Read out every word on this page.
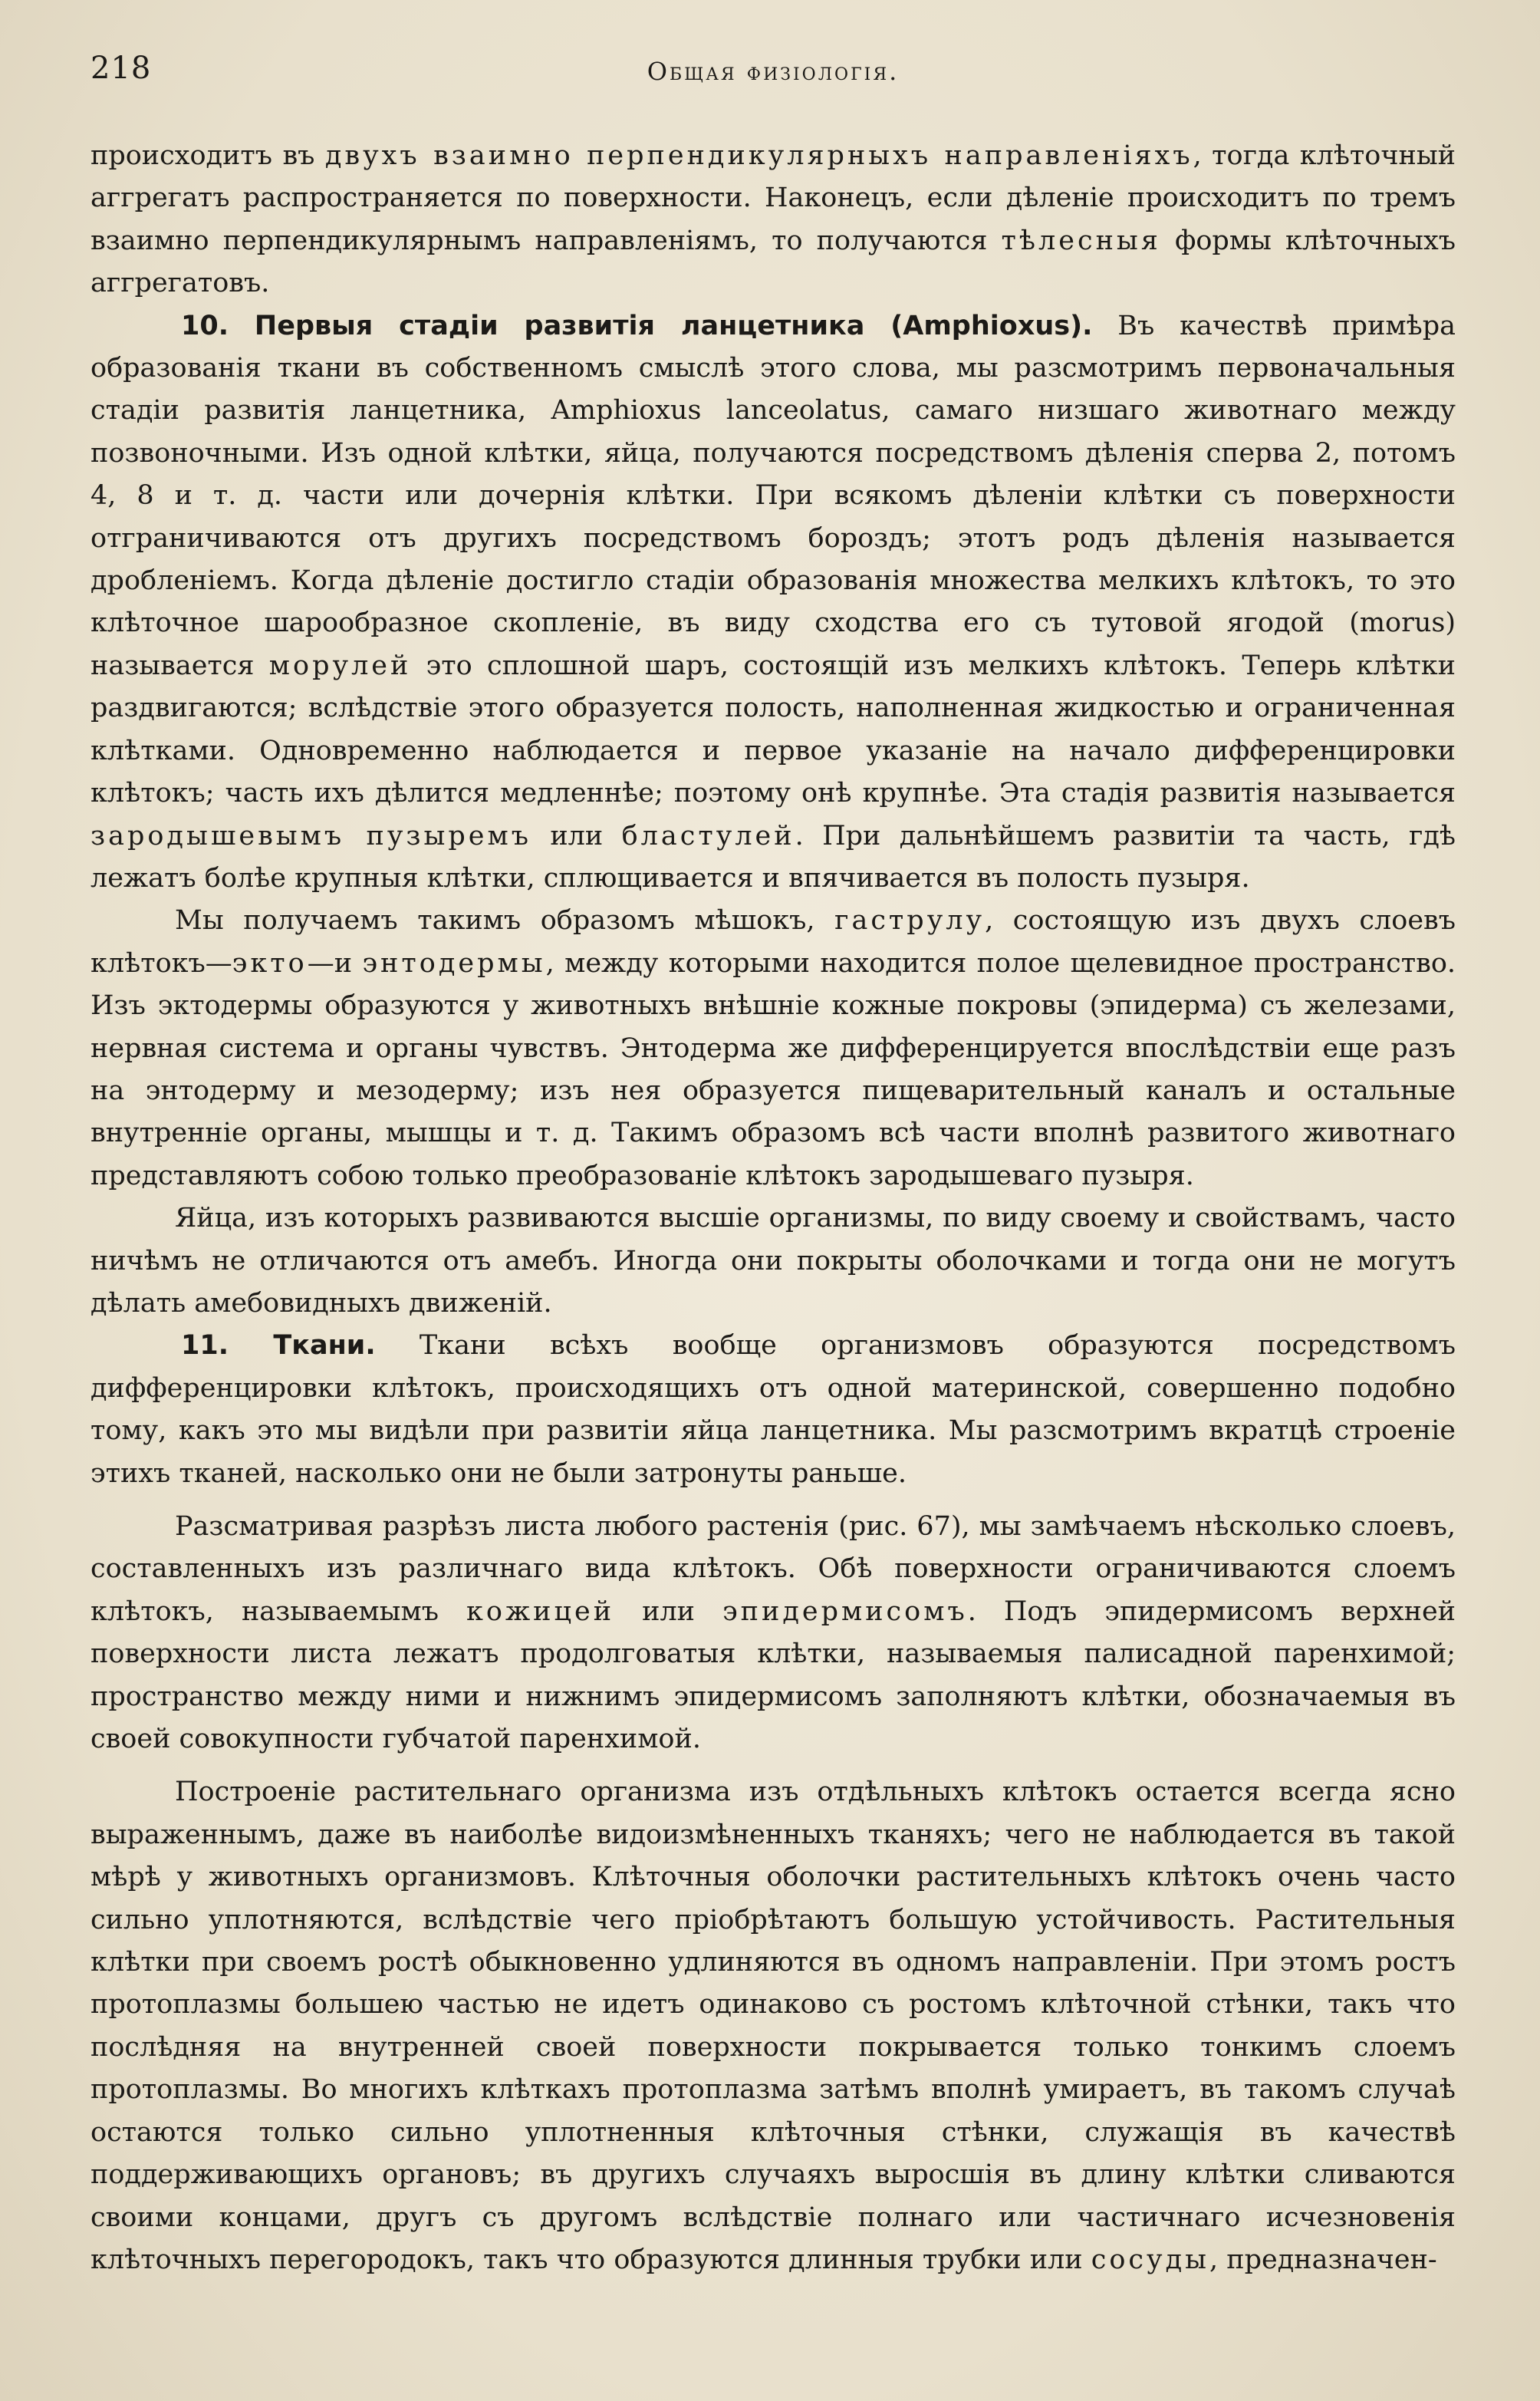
218	Общая физiологiя.

происходитъ въ двухъ взаимно перпендикулярныхъ направленiяхъ, тогда клѣточный аггрегатъ распространяется по поверхности. Наконецъ, если дѣленiе происходитъ по тремъ взаимно перпендикулярнымъ направленiямъ, то получаются тѣлесныя формы клѣточныхъ аггрегатовъ.

10. Первыя стадiи развитiя ланцетника (Amphioxus). Въ качествѣ примѣра образованiя ткани въ собственномъ смыслѣ этого слова, мы разсмотримъ первоначальныя стадiи развитiя ланцетника, Amphioxus lanceolatus, самаго низшаго животнаго между позвоночными. Изъ одной клѣтки, яйца, получаются посредствомъ дѣленiя сперва 2, потомъ 4, 8 и т. д. части или дочернiя клѣтки. При всякомъ дѣленiи клѣтки съ поверхности отграничиваются отъ другихъ посредствомъ бороздъ; этотъ родъ дѣленiя называется дробленiемъ. Когда дѣленiе достигло стадiи образованiя множества мелкихъ клѣтокъ, то это клѣточное шарообразное скопленiе, въ виду сходства его съ тутовой ягодой (morus) называется морулей это сплошной шаръ, состоящiй изъ мелкихъ клѣтокъ. Теперь клѣтки раздвигаются; вслѣдствiе этого образуется полость, наполненная жидкостью и ограниченная клѣтками. Одновременно наблюдается и первое указанiе на начало дифференцировки клѣтокъ; часть ихъ дѣлится медленнѣе; поэтому онѣ крупнѣе. Эта стадiя развитiя называется зародышевымъ пузыремъ или бластулей. При дальнѣйшемъ развитiи та часть, гдѣ лежатъ болѣе крупныя клѣтки, сплющивается и впячивается въ полость пузыря.

Мы получаемъ такимъ образомъ мѣшокъ, гаструлу, состоящую изъ двухъ слоевъ клѣтокъ—экто—и энтодермы, между которыми находится полое щелевидное пространство. Изъ эктодермы образуются у животныхъ внѣшнiе кожные покровы (эпидерма) съ железами, нервная система и органы чувствъ. Энтодерма же дифференцируется впослѣдствiи еще разъ на энтодерму и мезодерму; изъ нея образуется пищеварительный каналъ и остальные внутреннiе органы, мышцы и т. д. Такимъ образомъ всѣ части вполнѣ развитого животнаго представляютъ собою только преобразованiе клѣтокъ зародышеваго пузыря.

Яйца, изъ которыхъ развиваются высшiе организмы, по виду своему и свойствамъ, часто ничѣмъ не отличаются отъ амебъ. Иногда они покрыты оболочками и тогда они не могутъ дѣлать амебовидныхъ движенiй.

11. Ткани. Ткани всѣхъ вообще организмовъ образуются посредствомъ дифференцировки клѣтокъ, происходящихъ отъ одной материнской, совершенно подобно тому, какъ это мы видѣли при развитiи яйца ланцетника. Мы разсмотримъ вкратцѣ строенiе этихъ тканей, насколько они не были затронуты раньше.

Разсматривая разрѣзъ листа любого растенiя (рис. 67), мы замѣчаемъ нѣсколько слоевъ, составленныхъ изъ различнаго вида клѣтокъ. Обѣ поверхности ограничиваются слоемъ клѣтокъ, называемымъ кожицей или эпидермисомъ. Подъ эпидермисомъ верхней поверхности листа лежатъ продолговатыя клѣтки, называемыя палисадной паренхимой; пространство между ними и нижнимъ эпидермисомъ заполняютъ клѣтки, обозначаемыя въ своей совокупности губчатой паренхимой.

Построенiе растительнаго организма изъ отдѣльныхъ клѣтокъ остается всегда ясно выраженнымъ, даже въ наиболѣе видоизмѣненныхъ тканяхъ; чего не наблюдается въ такой мѣрѣ у животныхъ организмовъ. Клѣточныя оболочки растительныхъ клѣтокъ очень часто сильно уплотняются, вслѣдствiе чего прiобрѣтаютъ большую устойчивость. Растительныя клѣтки при своемъ ростѣ обыкновенно удлиняются въ одномъ направленiи. При этомъ ростъ протоплазмы большею частью не идетъ одинаково съ ростомъ клѣточной стѣнки, такъ что послѣдняя на внутренней своей поверхности покрывается только тонкимъ слоемъ протоплазмы. Во многихъ клѣткахъ протоплазма затѣмъ вполнѣ умираетъ, въ такомъ случаѣ остаются только сильно уплотненныя клѣточныя стѣнки, служащiя въ качествѣ поддерживающихъ органовъ; въ другихъ случаяхъ выросшiя въ длину клѣтки сливаются своими концами, другъ съ другомъ вслѣдствiе полнаго или частичнаго исчезновенiя клѣточныхъ перегородокъ, такъ что образуются длинныя трубки или сосуды, предназначен-
